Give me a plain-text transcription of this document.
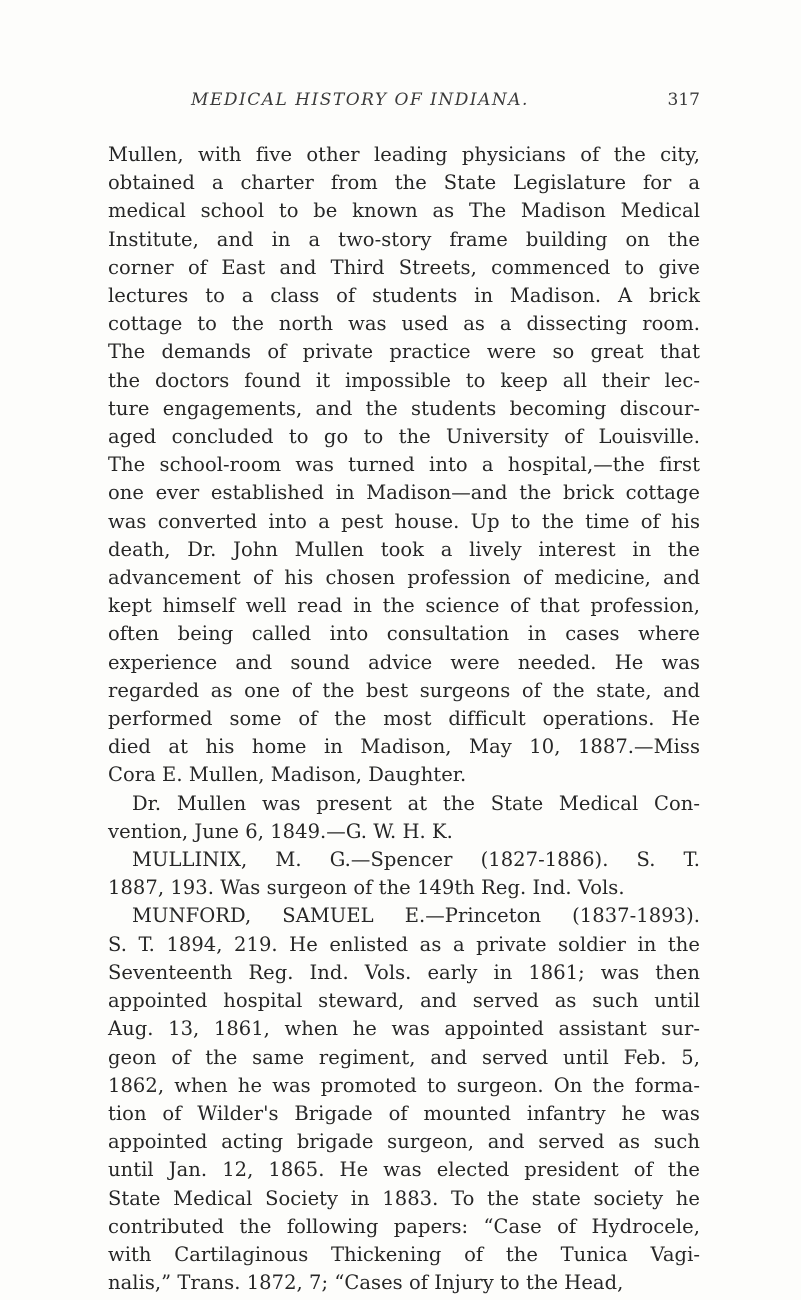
MEDICAL HISTORY OF INDIANA.	317
Mullen, with five other leading physicians of the city,
obtained a charter from the State Legislature for a
medical school to be known as The Madison Medical
Institute, and in a two-story frame building on the
corner of East and Third Streets, commenced to give
lectures to a class of students in Madison. A brick
cottage to the north was used as a dissecting room.
The demands of private practice were so great that
the doctors found it impossible to keep all their lec-
ture engagements, and the students becoming discour-
aged concluded to go to the University of Louisville.
The school-room was turned into a hospital,—the first
one ever established in Madison—and the brick cottage
was converted into a pest house. Up to the time of his
death, Dr. John Mullen took a lively interest in the
advancement of his chosen profession of medicine, and
kept himself well read in the science of that profession,
often being called into consultation in cases where
experience and sound advice were needed. He was
regarded as one of the best surgeons of the state, and
performed some of the most difficult operations. He
died at his home in Madison, May 10, 1887.—Miss
Cora E. Mullen, Madison, Daughter.
Dr. Mullen was present at the State Medical Con-
vention, June 6, 1849.—G. W. H. K.
MULLINIX, M. G.—Spencer (1827-1886). S. T.
1887, 193. Was surgeon of the 149th Reg. Ind. Vols.
MUNFORD, SAMUEL E.—Princeton (1837-1893).
S. T. 1894, 219. He enlisted as a private soldier in the
Seventeenth Reg. Ind. Vols. early in 1861; was then
appointed hospital steward, and served as such until
Aug. 13, 1861, when he was appointed assistant sur-
geon of the same regiment, and served until Feb. 5,
1862, when he was promoted to surgeon. On the forma-
tion of Wilder's Brigade of mounted infantry he was
appointed acting brigade surgeon, and served as such
until Jan. 12, 1865. He was elected president of the
State Medical Society in 1883. To the state society he
contributed the following papers: “Case of Hydrocele,
with Cartilaginous Thickening of the Tunica Vagi-
nalis,” Trans. 1872, 7; “Cases of Injury to the Head,
